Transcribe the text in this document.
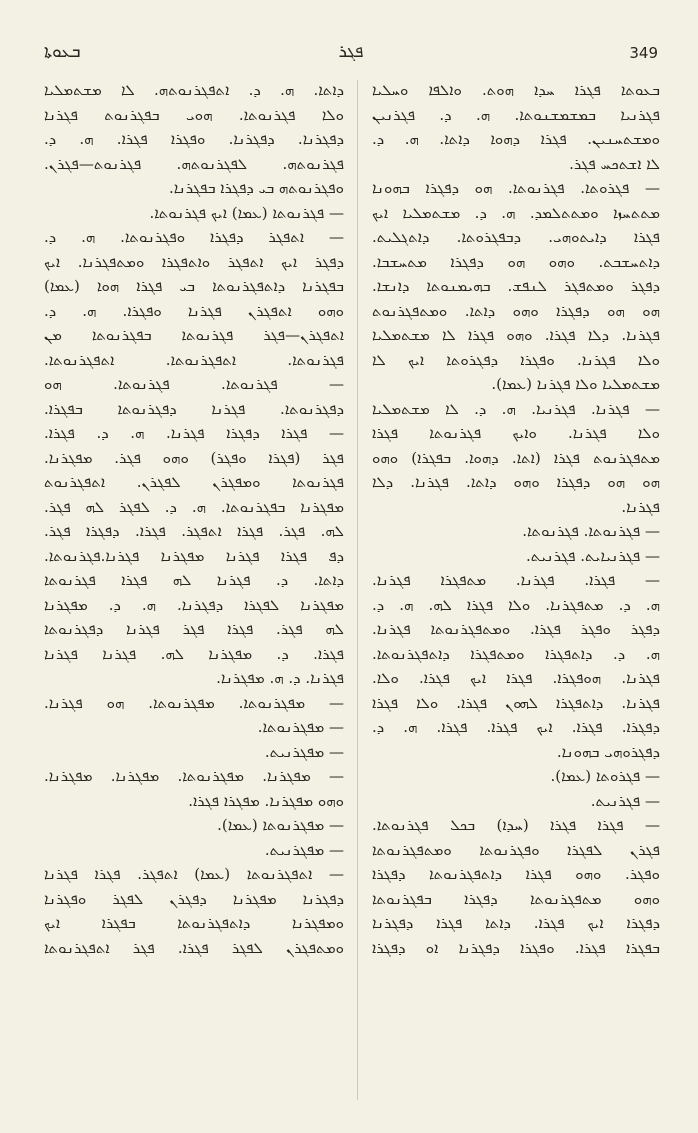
ܒܥܘܬܐ	ܦܓܪ	349
ܒܥܘܬܐ ܦܓܪܐ ܚܕܐ ܗܘܬ. ܘܐܠܦܐ ܘܚܠܝܐ
ܦܓܪܢܝܐ ܒܡܫܡܫܢܘܬܐ. ܗ. ܕ. ܦܓܪܢܝܢ
ܘܡܫܬܚܢܝܢ. ܦܓܪܐ ܕܗܘܐ ܕܐܬܐ. ܗ. ܕ.
ܠܐ ܐܫܬܟܚ ܦܓܪ.
— ܦܓܪܘܬܐ. ܦܓܪܢܘܬܐ. ܗܘ ܕܦܓܪܐ ܒܗܘܢܐ
ܡܬܬܚܙܐ ܘܡܬܬܠܡܕ. ܗ. ܕ. ܡܫܬܡܠܝܐ ܐܝܟ
ܦܓܪܐ ܕܐܝܬܘܗܝ. ܕܒܦܓܪܘܬܐ. ܕܐܬܓܠܝܬ.
ܕܐܬܚܫܒܬ. ܘܗܘ ܗܘ ܕܦܓܪܐ ܡܬܚܫܒܐ.
ܕܦܓܪ ܘܡܬܦܓܪ ܠܢܦܫ. ܒܗܝܡܢܘܬܐ ܕܐܢܫܐ.
ܗܘ ܗܘ ܕܦܓܪܐ ܘܗܘ ܕܐܬܐ. ܘܡܬܦܓܪܢܘܬ
ܦܓܪܢܐ. ܕܠܐ ܦܓܪܐ. ܘܗܘ ܦܓܪܐ ܠܐ ܡܫܬܡܠܝܐ
ܘܠܐ ܦܓܪܢܐ. ܘܦܓܪܐ ܕܦܓܪܘܬܐ ܐܝܟ ܠܐ
ܡܫܬܡܠܝܐ ܘܠܐ ܦܓܪܢܐ (ܥܡܐ).
— ܦܓܪܢܐ. ܦܓܪܢܝܐ. ܗ. ܕ. ܠܐ ܡܫܬܡܠܝܐ
ܘܠܐ ܦܓܪܢܐ. ܘܐܝܟ ܦܓܪܢܘܬܐ ܦܓܪܐ
ܡܬܦܓܪܢܘܬ ܦܓܪܐ (ܐܬܐ. ܕܗܘܐ. ܒܦܓܪܐ) ܘܗܘ
ܗܘ ܗܘ ܕܦܓܪܐ ܘܗܘ ܕܐܬܐ. ܦܓܪܢܐ. ܕܠܐ
ܦܓܪܢܐ.
— ܦܓܪܢܘܬܐ. ܦܓܪܢܘܬܐ.
— ܦܓܪܢܝܐܝܬ. ܦܓܪܢܝܬ.
— ܦܓܪܐ. ܦܓܪܢܐ. ܡܬܦܓܪܐ ܦܓܪܢܐ.
ܗ. ܕ. ܡܬܦܓܪܢܐ. ܘܠܐ ܦܓܪܐ ܠܗ. ܗ. ܕ.
ܕܦܓܪ ܘܦܓܪ ܦܓܪܐ. ܘܡܬܦܓܪܢܘܬܐ ܦܓܪܢܐ.
ܗ. ܕ. ܕܐܬܦܓܪܐ ܘܡܬܦܓܪܐ ܕܐܬܦܓܪܢܘܬܐ.
ܦܓܪܢܐ. ܗܘܦܓܪܐ. ܦܓܪܐ ܐܝܟ ܦܓܪܐ. ܘܠܐ.
ܦܓܪܢܐ. ܕܐܬܦܓܪܐ ܠܗܘܢ ܦܓܪܐ. ܘܠܐ ܦܓܪܐ
ܕܦܓܪܐ. ܦܓܪܐ. ܐܝܟ ܦܓܪܐ. ܦܓܪܐ. ܗ. ܕ.
ܕܦܓܪܘܗܝ ܒܗܘܢܐ.
— ܦܓܪܘܬܐ (ܥܡܐ).
— ܦܓܪܢܝܬ.
— ܦܓܪܐ ܦܓܪܐ (ܚܕܐ) ܒܟܠ ܦܓܪܢܘܬܐ.
ܦܓܪܢ ܠܦܓܪܐ ܘܦܓܪܢܘܬܐ ܘܡܬܦܓܪܢܘܬܐ
ܘܦܓܪ. ܘܗܘ ܦܓܪܐ ܕܐܬܦܓܪܢܘܬܐ ܕܦܓܪܐ
ܘܗܘ ܡܬܦܓܪܢܘܬܐ ܕܦܓܪܐ ܒܦܓܪܢܘܬܐ
ܕܦܓܪܐ ܐܝܟ ܦܓܪܐ. ܕܐܬܐ ܦܓܪܐ ܕܦܓܪܢܐ
ܒܦܓܪܐ ܦܓܪܐ. ܘܦܓܪܐ ܕܦܓܪܢܐ ܐܘ ܕܦܓܪܐ
ܕܐܬܐ. ܗ. ܕ. ܐܬܦܓܪܢܘܬܗ. ܠܐ ܡܫܬܡܠܝܐ
ܘܠܐ ܦܓܪܢܘܬܐ. ܗܘܝ ܒܦܓܪܢܘܬ ܦܓܪܢܐ
ܕܦܓܪܢܐ. ܕܦܓܪܢܐ. ܘܦܓܪܐ ܦܓܪܐ. ܗ. ܕ.
ܦܓܪܢܘܬܗ. ܠܦܓܪܢܘܬܗ. ܦܓܪܢܘܬ—ܦܓܪܢ.
ܘܦܓܪܢܘܬܗ ܒܝ ܕܦܓܪܐ ܒܦܓܪܢܐ.
— ܦܓܪܢܘܬܐ (ܥܡܐ) ܐܝܟ ܦܓܪܢܘܬܐ.
— ܐܬܦܓܪ ܕܦܓܪܐ ܘܦܓܪܢܘܬܐ. ܗ. ܕ.
ܕܦܓܪ ܐܝܟ ܐܬܦܓܪ ܘܐܬܦܓܪܐ ܘܡܬܦܓܪܢܐ. ܐܝܟ
ܒܦܓܪܢܐ ܕܐܬܦܓܪܢܘܬܐ ܒܝ ܦܓܪܐ ܗܘܐ (ܥܡܐ)
ܘܗܘ ܐܬܦܓܪܢ ܦܓܪܢܐ ܘܦܓܪܐ. ܗ. ܕ.
ܐܬܦܓܪܢ—ܦܓܪ ܦܓܪܢܘܬܐ ܒܦܓܪܢܘܬܐ ܡܢ
ܦܓܪܢܘܬܐ. ܐܬܦܓܪܢܘܬܐ. ܐܬܦܓܪܢܘܬܐ.
— ܦܓܪܢܘܬܐ. ܦܓܪܢܘܬܐ. ܗܘ
ܕܦܓܪܢܘܬܐ. ܦܓܪܢܐ ܕܦܓܪܢܘܬܐ ܒܦܓܪܐ.
— ܦܓܪܐ ܕܦܓܪܐ ܦܓܪܢܐ. ܗ. ܕ. ܦܓܪܐ.
ܦܓܪ (ܦܓܪܐ ܘܦܓܪ) ܘܗܘ ܦܓܪ. ܡܦܓܪܢܐ.
ܦܓܪܢܘܬܐ ܘܡܦܓܪܢ ܠܦܓܪܢ. ܐܬܦܓܪܢܘܬ
ܡܦܓܪܢܐ ܒܦܓܪܢܘܬܐ. ܗ. ܕ. ܠܦܓܪ ܠܗ ܦܓܪ.
ܠܗ. ܦܓܪ. ܦܓܪܐ ܐܬܦܓܪ. ܦܓܪܐ. ܕܦܓܪܐ ܦܓܪ.
ܕܦ ܦܓܪܐ ܦܓܪܢܐ ܡܦܓܪܢܐ ܦܓܪܢܐ.ܦܓܪܢܘܬܐ.
ܕܐܬܐ. ܕ. ܦܓܪܢܐ ܠܗ ܦܓܪܐ ܦܓܪܢܘܬܐ
ܡܦܓܪܢܐ ܠܦܓܪܐ ܕܦܓܪܢܐ. ܗ. ܕ. ܡܦܓܪܢܐ
ܠܗ ܦܓܪ. ܦܓܪܐ ܦܓܪ ܦܓܪܢܐ ܕܦܓܪܢܘܬܐ
ܦܓܪܐ. ܕ. ܡܦܓܪܢܐ ܠܗ. ܦܓܪܢܐ ܦܓܪܢܐ
ܦܓܪܢܐ. ܕ. ܗ. ܡܦܓܪܢܐ.
— ܡܦܓܪܢܘܬܐ. ܡܦܓܪܢܘܬܐ. ܗܘ ܦܓܪܢܐ.
— ܡܦܓܪܢܘܬܐ.
— ܡܦܓܪܢܝܬ.
— ܡܦܓܪܢܐ. ܡܦܓܪܢܘܬܐ. ܡܦܓܪܢܐ. ܡܦܓܪܢܐ.
ܘܗܘ ܡܦܓܪܢܐ. ܡܦܓܪܐ ܦܓܪܐ.
— ܡܦܓܪܢܘܬܐ (ܥܡܐ).
— ܡܦܓܪܢܝܬ.
— ܐܬܦܓܪܢܘܬܐ (ܥܡܐ) ܐܬܦܓܪ. ܦܓܪܐ ܦܓܪܢܐ
ܕܦܓܪܢܐ ܡܦܓܪܢܐ ܕܦܓܪܢ ܠܦܓܪ ܘܦܓܪܢܐ
ܘܡܦܓܪܢܐ ܕܐܬܦܓܪܢܘܬܐ ܒܦܓܪܐ ܐܝܟ
ܘܡܬܦܓܪܢ ܠܦܓܪ ܦܓܪܐ. ܦܓܪ ܐܬܦܓܪܢܘܬܐ
